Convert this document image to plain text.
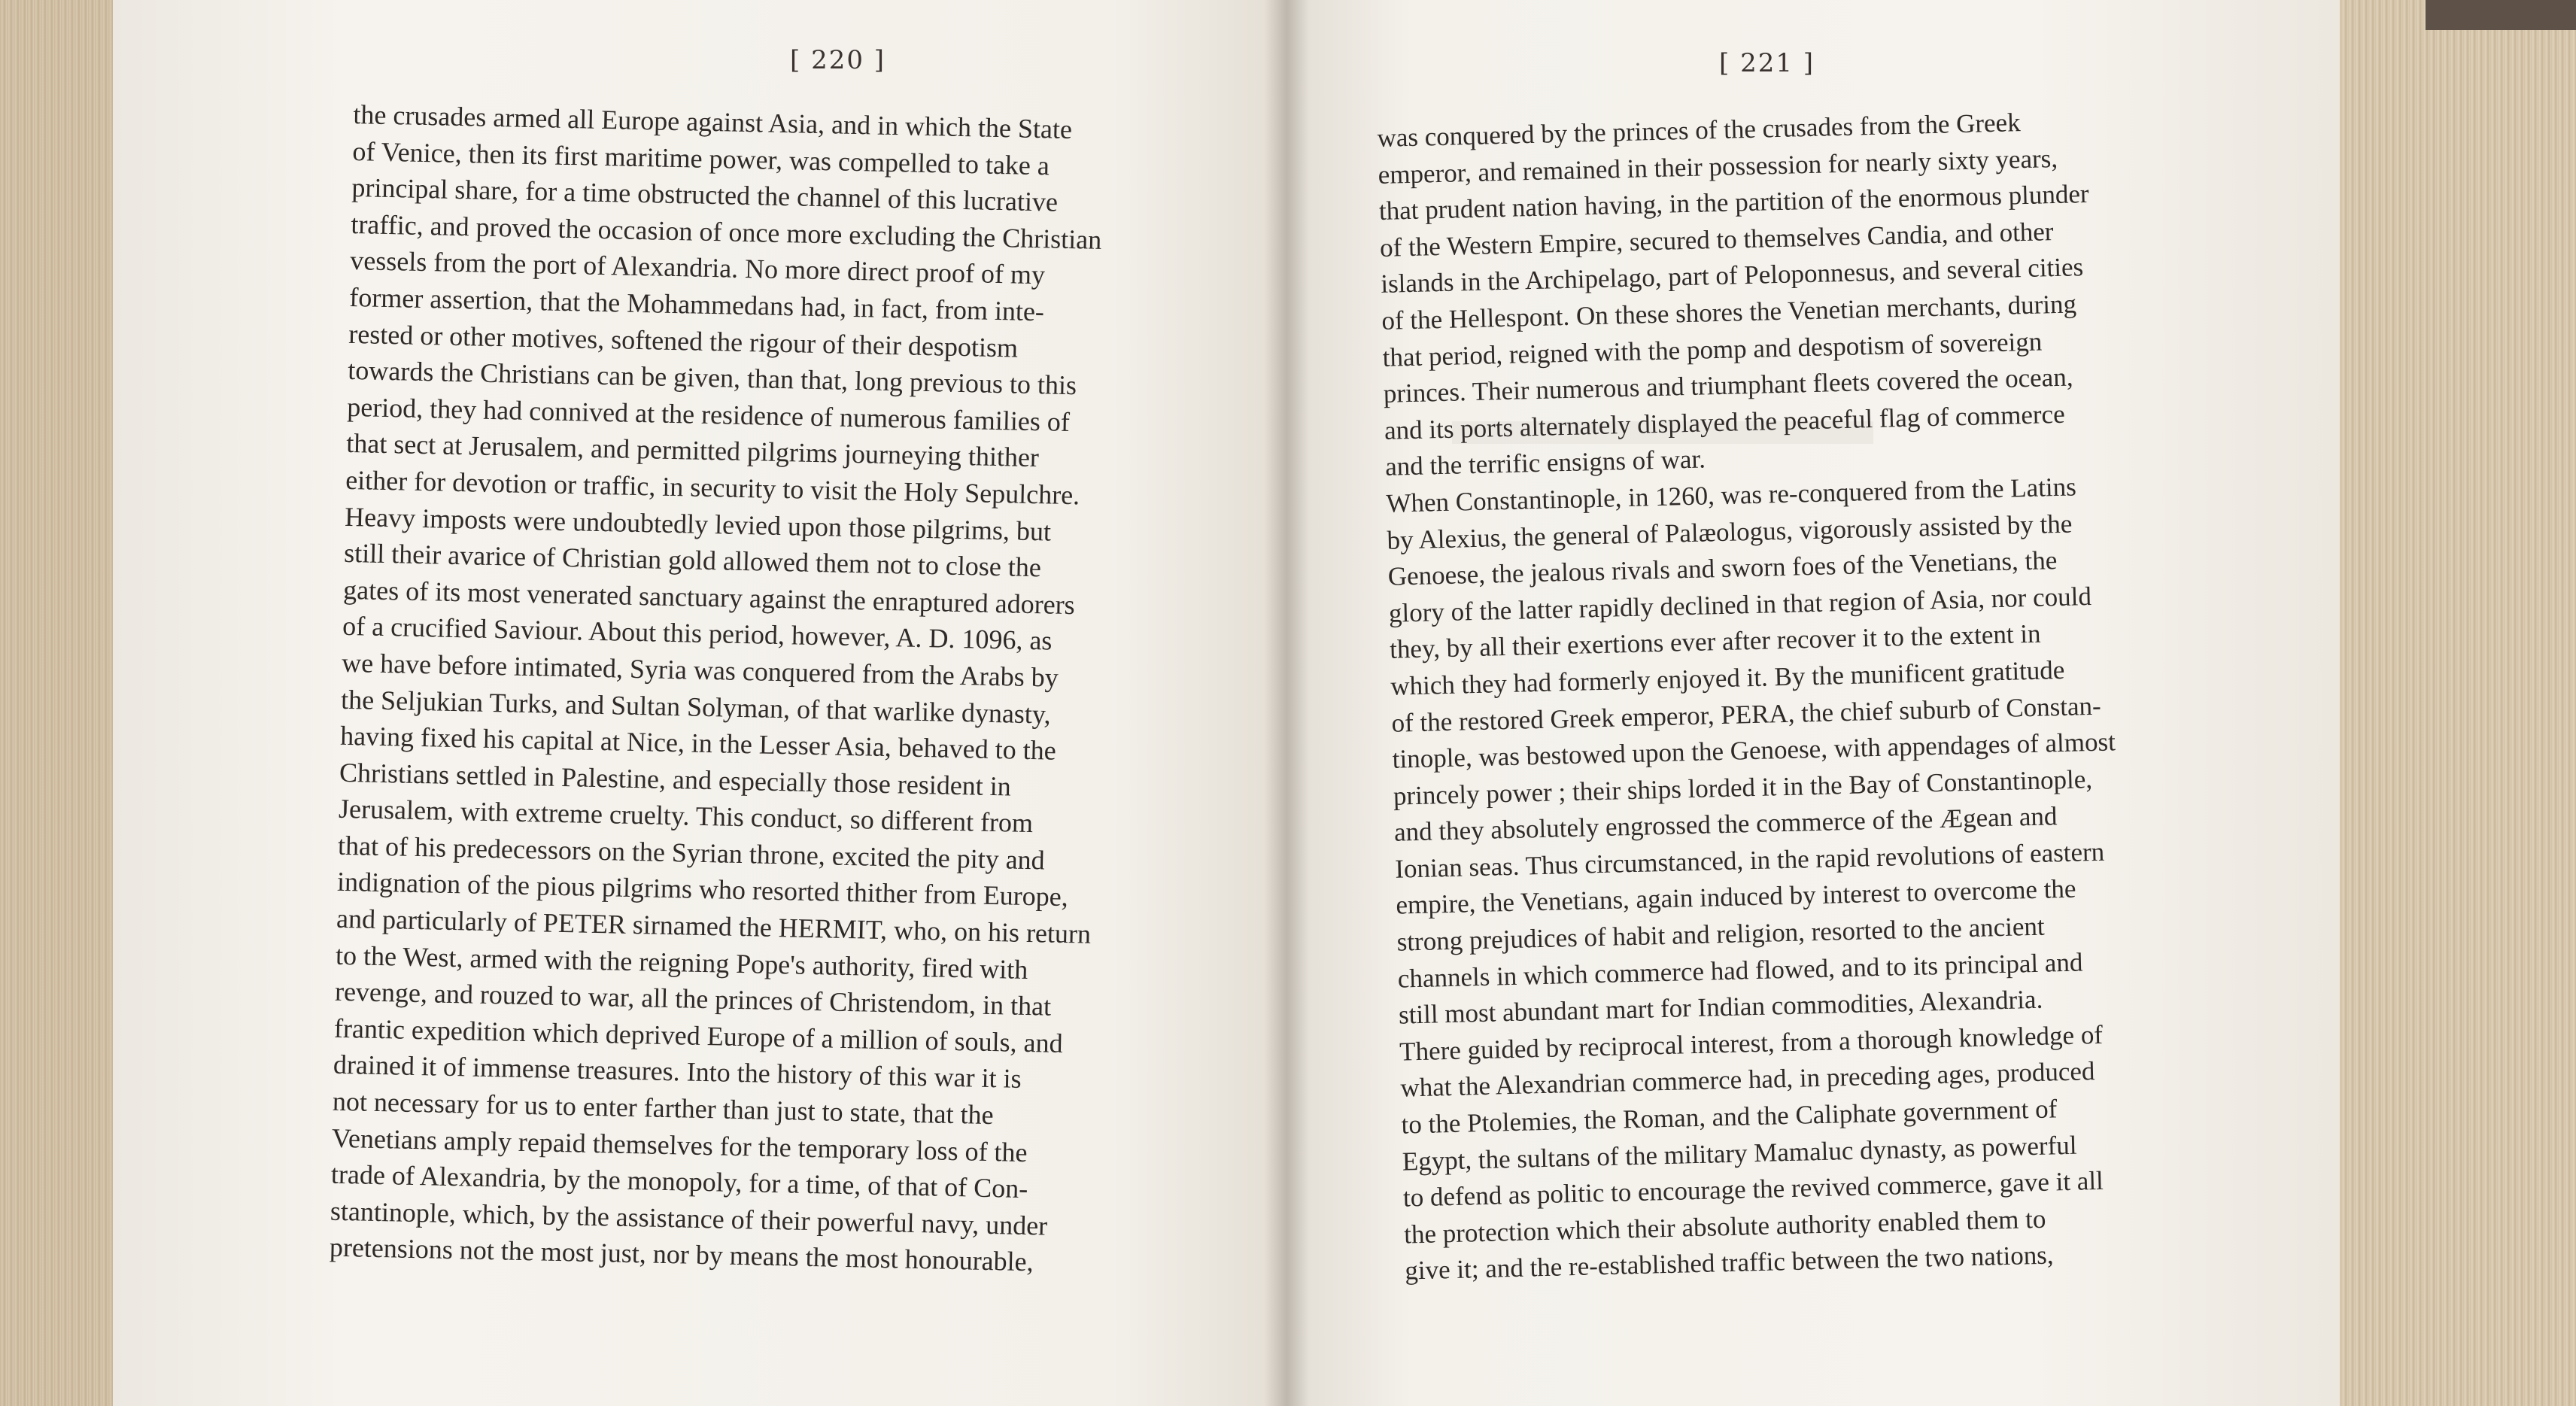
[ 220 ]
the crusades armed all Europe against Asia, and in which the State
of Venice, then its first maritime power, was compelled to take a
principal share, for a time obstructed the channel of this lucrative
traffic, and proved the occasion of once more excluding the Christian
vessels from the port of Alexandria. No more direct proof of my
former assertion, that the Mohammedans had, in fact, from inte-
rested or other motives, softened the rigour of their despotism
towards the Christians can be given, than that, long previous to this
period, they had connived at the residence of numerous families of
that sect at Jerusalem, and permitted pilgrims journeying thither
either for devotion or traffic, in security to visit the Holy Sepulchre.
Heavy imposts were undoubtedly levied upon those pilgrims, but
still their avarice of Christian gold allowed them not to close the
gates of its most venerated sanctuary against the enraptured adorers
of a crucified Saviour. About this period, however, A. D. 1096, as
we have before intimated, Syria was conquered from the Arabs by
the Seljukian Turks, and Sultan Solyman, of that warlike dynasty,
having fixed his capital at Nice, in the Lesser Asia, behaved to the
Christians settled in Palestine, and especially those resident in
Jerusalem, with extreme cruelty. This conduct, so different from
that of his predecessors on the Syrian throne, excited the pity and
indignation of the pious pilgrims who resorted thither from Europe,
and particularly of PETER sirnamed the HERMIT, who, on his return
to the West, armed with the reigning Pope's authority, fired with
revenge, and rouzed to war, all the princes of Christendom, in that
frantic expedition which deprived Europe of a million of souls, and
drained it of immense treasures. Into the history of this war it is
not necessary for us to enter farther than just to state, that the
Venetians amply repaid themselves for the temporary loss of the
trade of Alexandria, by the monopoly, for a time, of that of Con-
stantinople, which, by the assistance of their powerful navy, under
pretensions not the most just, nor by means the most honourable,
[ 221 ]
was conquered by the princes of the crusades from the Greek
emperor, and remained in their possession for nearly sixty years,
that prudent nation having, in the partition of the enormous plunder
of the Western Empire, secured to themselves Candia, and other
islands in the Archipelago, part of Peloponnesus, and several cities
of the Hellespont. On these shores the Venetian merchants, during
that period, reigned with the pomp and despotism of sovereign
princes. Their numerous and triumphant fleets covered the ocean,
and its ports alternately displayed the peaceful flag of commerce
and the terrific ensigns of war.
When Constantinople, in 1260, was re-conquered from the Latins
by Alexius, the general of Palæologus, vigorously assisted by the
Genoese, the jealous rivals and sworn foes of the Venetians, the
glory of the latter rapidly declined in that region of Asia, nor could
they, by all their exertions ever after recover it to the extent in
which they had formerly enjoyed it. By the munificent gratitude
of the restored Greek emperor, PERA, the chief suburb of Constan-
tinople, was bestowed upon the Genoese, with appendages of almost
princely power ; their ships lorded it in the Bay of Constantinople,
and they absolutely engrossed the commerce of the Ægean and
Ionian seas. Thus circumstanced, in the rapid revolutions of eastern
empire, the Venetians, again induced by interest to overcome the
strong prejudices of habit and religion, resorted to the ancient
channels in which commerce had flowed, and to its principal and
still most abundant mart for Indian commodities, Alexandria.
There guided by reciprocal interest, from a thorough knowledge of
what the Alexandrian commerce had, in preceding ages, produced
to the Ptolemies, the Roman, and the Caliphate government of
Egypt, the sultans of the military Mamaluc dynasty, as powerful
to defend as politic to encourage the revived commerce, gave it all
the protection which their absolute authority enabled them to
give it; and the re-established traffic between the two nations,
